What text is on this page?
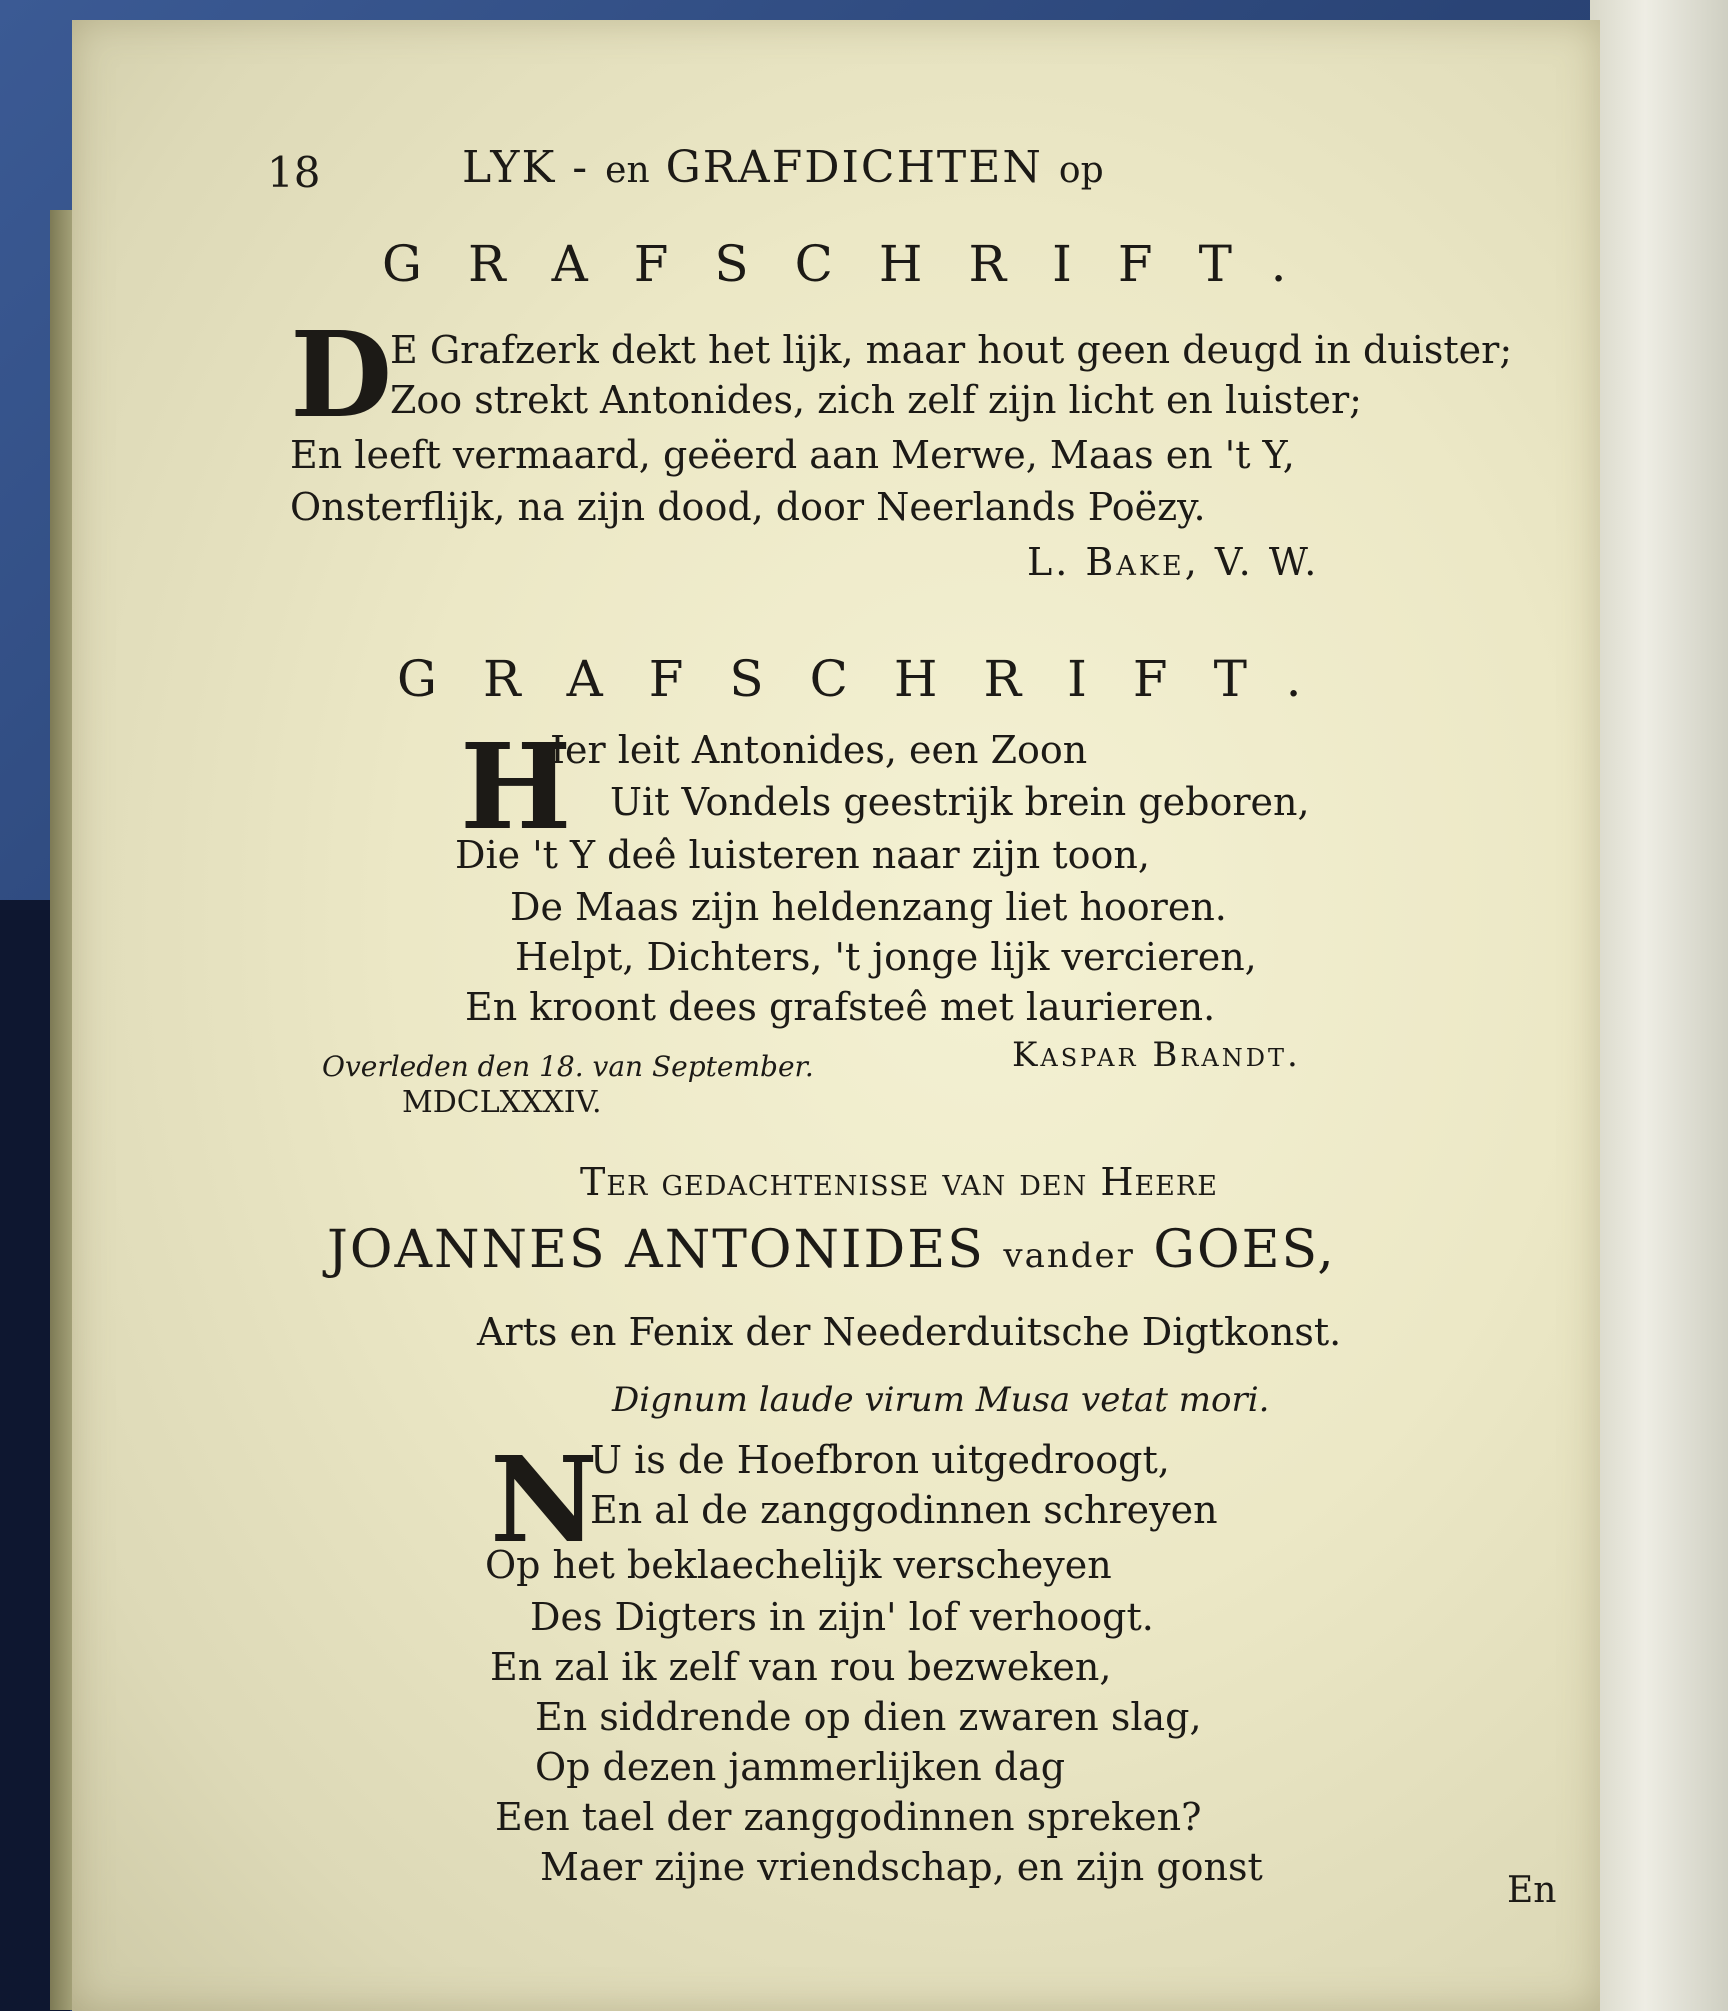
18	LYK - en GRAFDICHTEN op
GRAFSCHRIFT.
D
E Grafzerk dekt het lijk, maar hout geen deugd in duister;
Zoo strekt Antonides, zich zelf zijn licht en luister;
En leeft vermaard, geëerd aan Merwe, Maas en 't Y,
Onsterflijk, na zijn dood, door Neerlands Poëzy.
L. Bake, V. W.
GRAFSCHRIFT.
H
Ier leit Antonides, een Zoon
Uit Vondels geestrijk brein geboren,
Die 't Y deê luisteren naar zijn toon,
De Maas zijn heldenzang liet hooren.
Helpt, Dichters, 't jonge lijk vercieren,
En kroont dees grafsteê met laurieren.
Overleden den 18. van September.
MDCLXXXIV.
Kaspar Brandt.
Ter gedachtenisse van den Heere
JOANNES ANTONIDES vander GOES,
Arts en Fenix der Neederduitsche Digtkonst.
Dignum laude virum Musa vetat mori.
N
U is de Hoefbron uitgedroogt,
En al de zanggodinnen schreyen
Op het beklaechelijk verscheyen
Des Digters in zijn' lof verhoogt.
En zal ik zelf van rou bezweken,
En siddrende op dien zwaren slag,
Op dezen jammerlijken dag
Een tael der zanggodinnen spreken?
Maer zijne vriendschap, en zijn gonst
En
